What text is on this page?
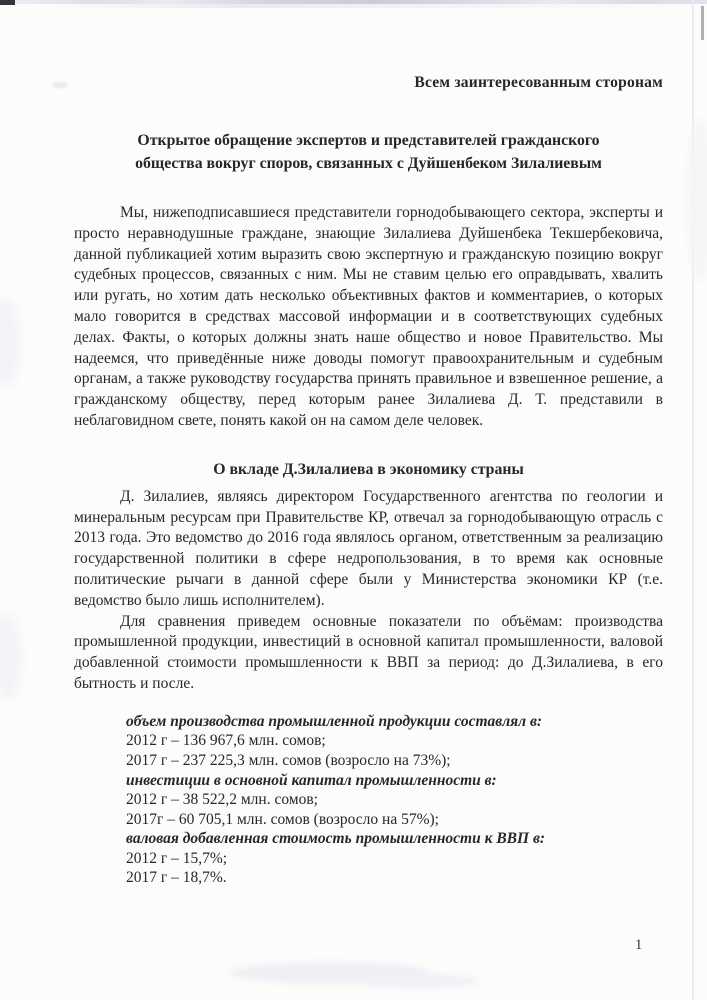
Всем заинтересованным сторонам
Открытое обращение экспертов и представителей гражданского общества вокруг споров, связанных с Дуйшенбеком Зилалиевым

Мы, нижеподписавшиеся представители горнодобывающего сектора, эксперты и просто неравнодушные граждане, знающие Зилалиева Дуйшенбека Текшербековича, данной публикацией хотим выразить свою экспертную и гражданскую позицию вокруг судебных процессов, связанных с ним. Мы не ставим целью его оправдывать, хвалить или ругать, но хотим дать несколько объективных фактов и комментариев, о которых мало говорится в средствах массовой информации и в соответствующих судебных делах. Факты, о которых должны знать наше общество и новое Правительство. Мы надеемся, что приведённые ниже доводы помогут правоохранительным и судебным органам, а также руководству государства принять правильное и взвешенное решение, а гражданскому обществу, перед которым ранее Зилалиева Д. Т. представили в неблаговидном свете, понять какой он на самом деле человек.

О вкладе Д.Зилалиева в экономику страны

Д. Зилалиев, являясь директором Государственного агентства по геологии и минеральным ресурсам при Правительстве КР, отвечал за горнодобывающую отрасль с 2013 года. Это ведомство до 2016 года являлось органом, ответственным за реализацию государственной политики в сфере недропользования, в то время как основные политические рычаги в данной сфере были у Министерства экономики КР (т.е. ведомство было лишь исполнителем).

Для сравнения приведем основные показатели по объёмам: производства промышленной продукции, инвестиций в основной капитал промышленности, валовой добавленной стоимости промышленности к ВВП за период: до Д.Зилалиева, в его бытность и после.

объем производства промышленной продукции составлял в:
2012 г – 136 967,6 млн. сомов;
2017 г – 237 225,3 млн. сомов (возросло на 73%);
инвестиции в основной капитал промышленности в:
2012 г – 38 522,2 млн. сомов;
2017г – 60 705,1 млн. сомов (возросло на 57%);
валовая добавленная стоимость промышленности к ВВП в:
2012 г – 15,7%;
2017 г – 18,7%.
1
